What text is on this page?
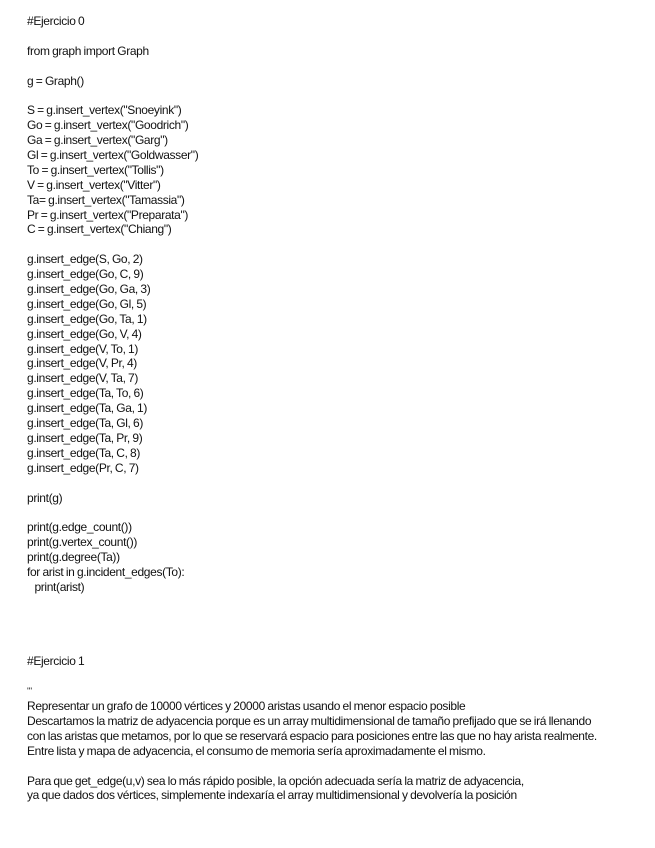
#Ejercicio 0
from graph import Graph
g = Graph()
S = g.insert_vertex("Snoeyink")
Go = g.insert_vertex("Goodrich")
Ga = g.insert_vertex("Garg")
Gl = g.insert_vertex("Goldwasser")
To = g.insert_vertex("Tollis")
V = g.insert_vertex("Vitter")
Ta= g.insert_vertex("Tamassia")
Pr = g.insert_vertex("Preparata")
C = g.insert_vertex("Chiang")
g.insert_edge(S, Go, 2)
g.insert_edge(Go, C, 9)
g.insert_edge(Go, Ga, 3)
g.insert_edge(Go, Gl, 5)
g.insert_edge(Go, Ta, 1)
g.insert_edge(Go, V, 4)
g.insert_edge(V, To, 1)
g.insert_edge(V, Pr, 4)
g.insert_edge(V, Ta, 7)
g.insert_edge(Ta, To, 6)
g.insert_edge(Ta, Ga, 1)
g.insert_edge(Ta, Gl, 6)
g.insert_edge(Ta, Pr, 9)
g.insert_edge(Ta, C, 8)
g.insert_edge(Pr, C, 7)
print(g)
print(g.edge_count())
print(g.vertex_count())
print(g.degree(Ta))
for arist in g.incident_edges(To):
print(arist)
#Ejercicio 1
'''
Representar un grafo de 10000 vértices y 20000 aristas usando el menor espacio posible
Descartamos la matriz de adyacencia porque es un array multidimensional de tamaño prefijado que se irá llenando
con las aristas que metamos, por lo que se reservará espacio para posiciones entre las que no hay arista realmente.
Entre lista y mapa de adyacencia, el consumo de memoria sería aproximadamente el mismo.
Para que get_edge(u,v) sea lo más rápido posible, la opción adecuada sería la matriz de adyacencia,
ya que dados dos vértices, simplemente indexaría el array multidimensional y devolvería la posición
